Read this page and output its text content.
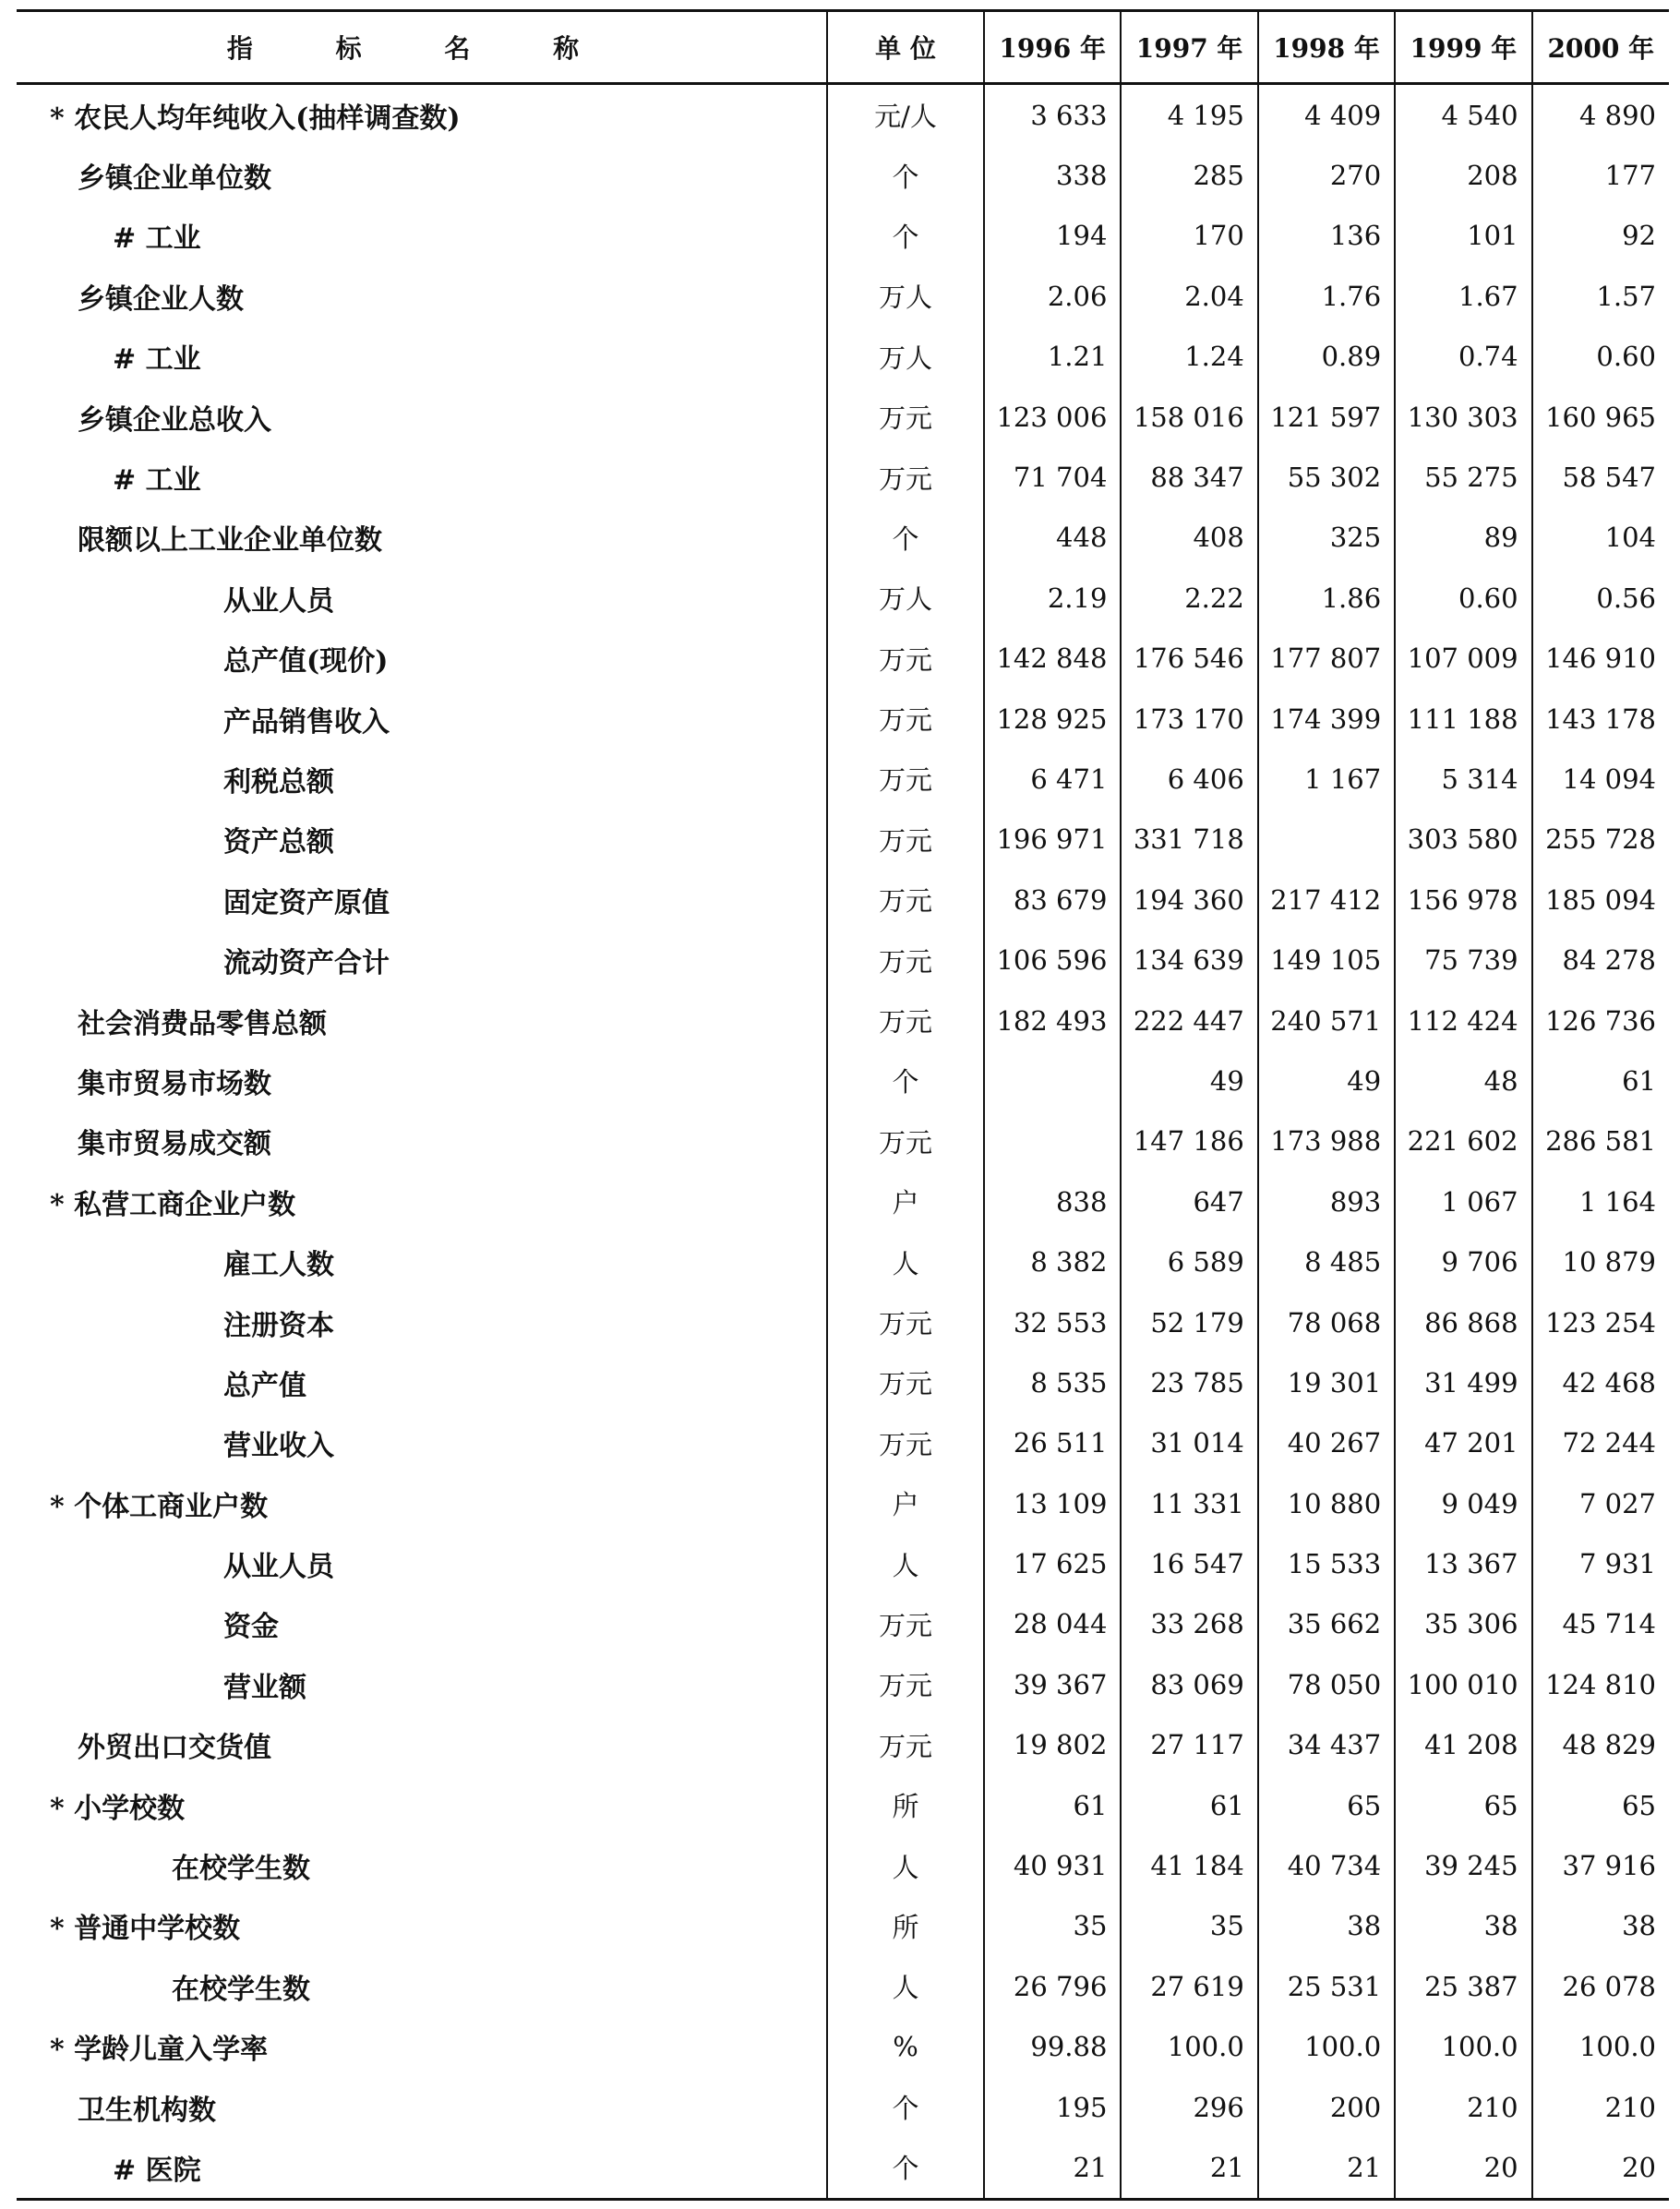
指 标 名 称	单 位	1996 年	1997 年	1998 年	1999 年	2000 年
* 农民人均年纯收入(抽样调查数)	元/人	3 633	4 195	4 409	4 540	4 890
乡镇企业单位数	个	338	285	270	208	177
# 工业	个	194	170	136	101	92
乡镇企业人数	万人	2.06	2.04	1.76	1.67	1.57
# 工业	万人	1.21	1.24	0.89	0.74	0.60
乡镇企业总收入	万元	123 006	158 016	121 597	130 303	160 965
# 工业	万元	71 704	88 347	55 302	55 275	58 547
限额以上工业企业单位数	个	448	408	325	89	104
从业人员	万人	2.19	2.22	1.86	0.60	0.56
总产值(现价)	万元	142 848	176 546	177 807	107 009	146 910
产品销售收入	万元	128 925	173 170	174 399	111 188	143 178
利税总额	万元	6 471	6 406	1 167	5 314	14 094
资产总额	万元	196 971	331 718		303 580	255 728
固定资产原值	万元	83 679	194 360	217 412	156 978	185 094
流动资产合计	万元	106 596	134 639	149 105	75 739	84 278
社会消费品零售总额	万元	182 493	222 447	240 571	112 424	126 736
集市贸易市场数	个		49	49	48	61
集市贸易成交额	万元		147 186	173 988	221 602	286 581
* 私营工商企业户数	户	838	647	893	1 067	1 164
雇工人数	人	8 382	6 589	8 485	9 706	10 879
注册资本	万元	32 553	52 179	78 068	86 868	123 254
总产值	万元	8 535	23 785	19 301	31 499	42 468
营业收入	万元	26 511	31 014	40 267	47 201	72 244
* 个体工商业户数	户	13 109	11 331	10 880	9 049	7 027
从业人员	人	17 625	16 547	15 533	13 367	7 931
资金	万元	28 044	33 268	35 662	35 306	45 714
营业额	万元	39 367	83 069	78 050	100 010	124 810
外贸出口交货值	万元	19 802	27 117	34 437	41 208	48 829
* 小学校数	所	61	61	65	65	65
在校学生数	人	40 931	41 184	40 734	39 245	37 916
* 普通中学校数	所	35	35	38	38	38
在校学生数	人	26 796	27 619	25 531	25 387	26 078
* 学龄儿童入学率	%	99.88	100.0	100.0	100.0	100.0
卫生机构数	个	195	296	200	210	210
# 医院	个	21	21	21	20	20
